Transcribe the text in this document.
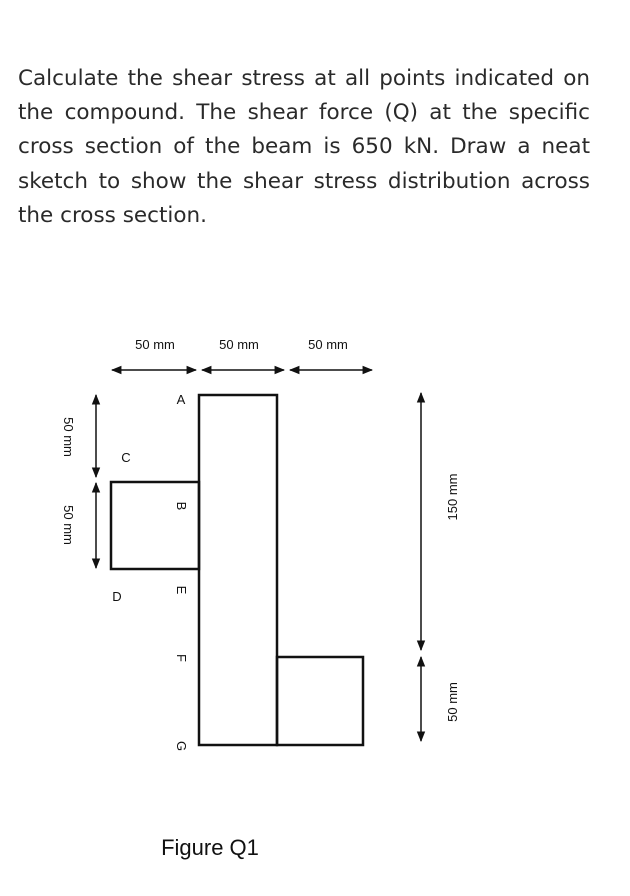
Calculate the shear stress at all points indicated on the compound. The shear force (Q) at the specific cross section of the beam is 650 kN. Draw a neat sketch to show the shear stress distribution across the cross section.

50 mm	50 mm	50 mm
50 mm
50 mm
150 mm
50 mm
A
C
B
D	E
F
G
Figure Q1
